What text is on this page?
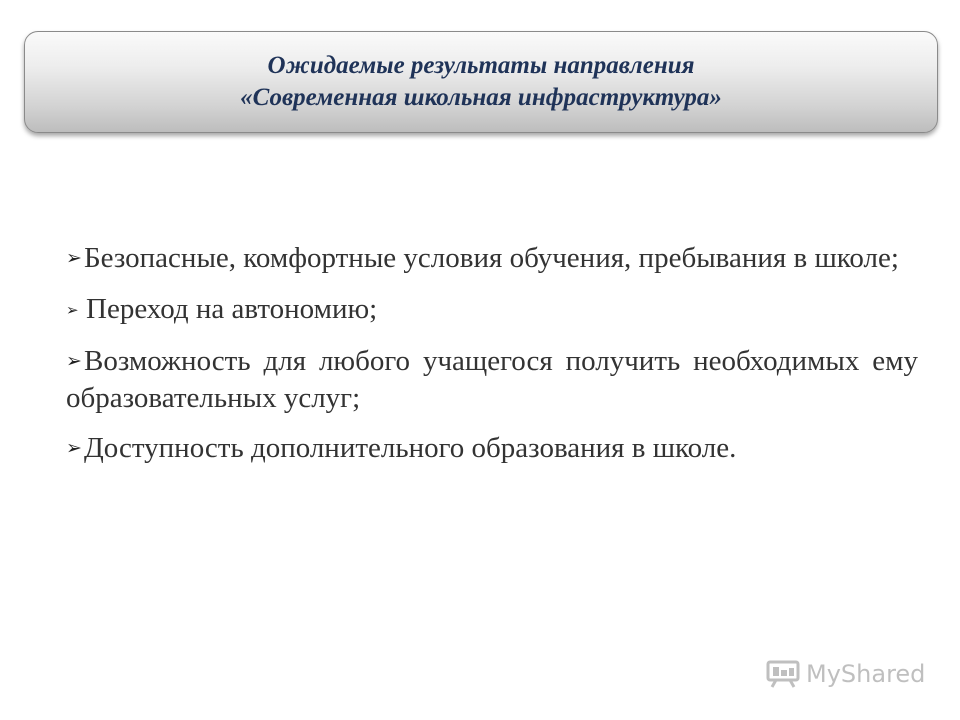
Ожидаемые результаты направления
«Современная школьная инфраструктура»
➢Безопасные, комфортные условия обучения, пребывания в школе;
➢ Переход на автономию;
➢Возможность для любого учащегося получить необходимых ему образовательных услуг;
➢Доступность дополнительного образования в школе.
MyShared
